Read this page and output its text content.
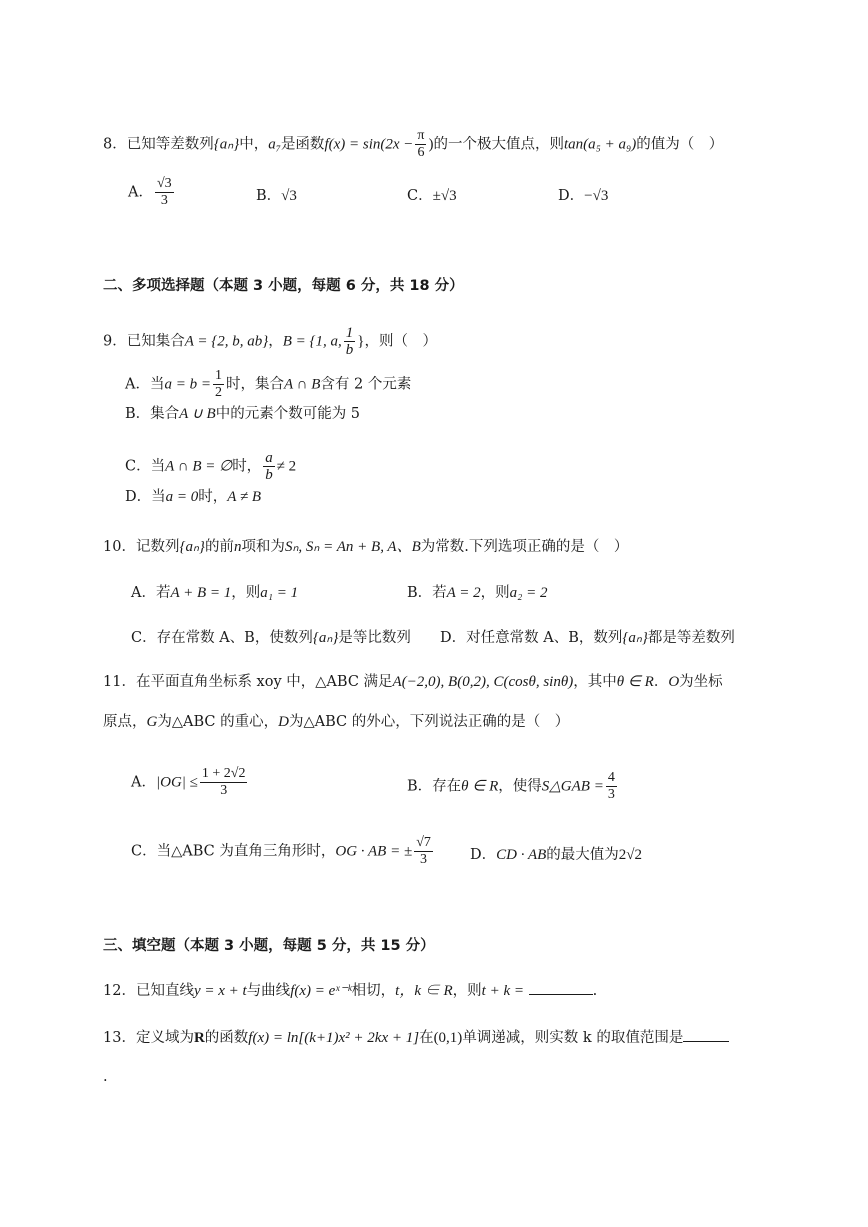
8．已知等差数列{aₙ}中，a₇是函数$f(x) = \sin(2x - \frac{\pi}{6}$ )的一个极大值点，则tan(a₅ + a₉)的值为（　）
A． $\frac{√3}{3}$	B．√3	C．±√3	D．−√3
二、多项选择题（本题 3 小题，每题 6 分，共 18 分）
9．已知集合A = {2, b, ab}，B = {1, a, $\frac{1}{b}$ }，则（　）
A．当$a = b = \frac{1}{2}$ 时，集合A ∩ B含有 2 个元素
B．集合A ∪ B中的元素个数可能为 5
C．当A ∩ B = ∅时， $\frac{a}{b} \ne 2$
D．当a = 0时，A ≠ B
10．记数列{aₙ}的前n项和为Sₙ, Sₙ = An + B, A、B为常数.下列选项正确的是（　）
A．若A + B = 1，则a₁ = 1	B．若A = 2，则a₂ = 2
C．存在常数 A、B，使数列{aₙ}是等比数列 D．对任意常数 A、B，数列{aₙ}都是等差数列
11．在平面直角坐标系 xoy 中，△ABC 满足A(−2,0), B(0,2), C(cosθ, sinθ)，其中θ ∈ R．O为坐标
原点，G为△ABC 的重心，D为△ABC 的外心，下列说法正确的是（　）
A．$|OG| \le \frac{1 + 2√2}{3}$	B．存在θ ∈ R，使得S△GAB = $\frac{4}{3}$
C．当△ABC 为直角三角形时，OG · AB = ± $\frac{√7}{3}$	D．CD · AB的最大值为2√2
三、填空题（本题 3 小题，每题 5 分，共 15 分）
12．已知直线y = x + t与曲线f(x) = eˣ⁻ᵏ相切，t，k ∈ R，则t + k =	.
13．定义域为R的函数f(x) = ln[(k+1)x² + 2kx + 1]在(0,1)单调递减，则实数 k 的取值范围是
.
